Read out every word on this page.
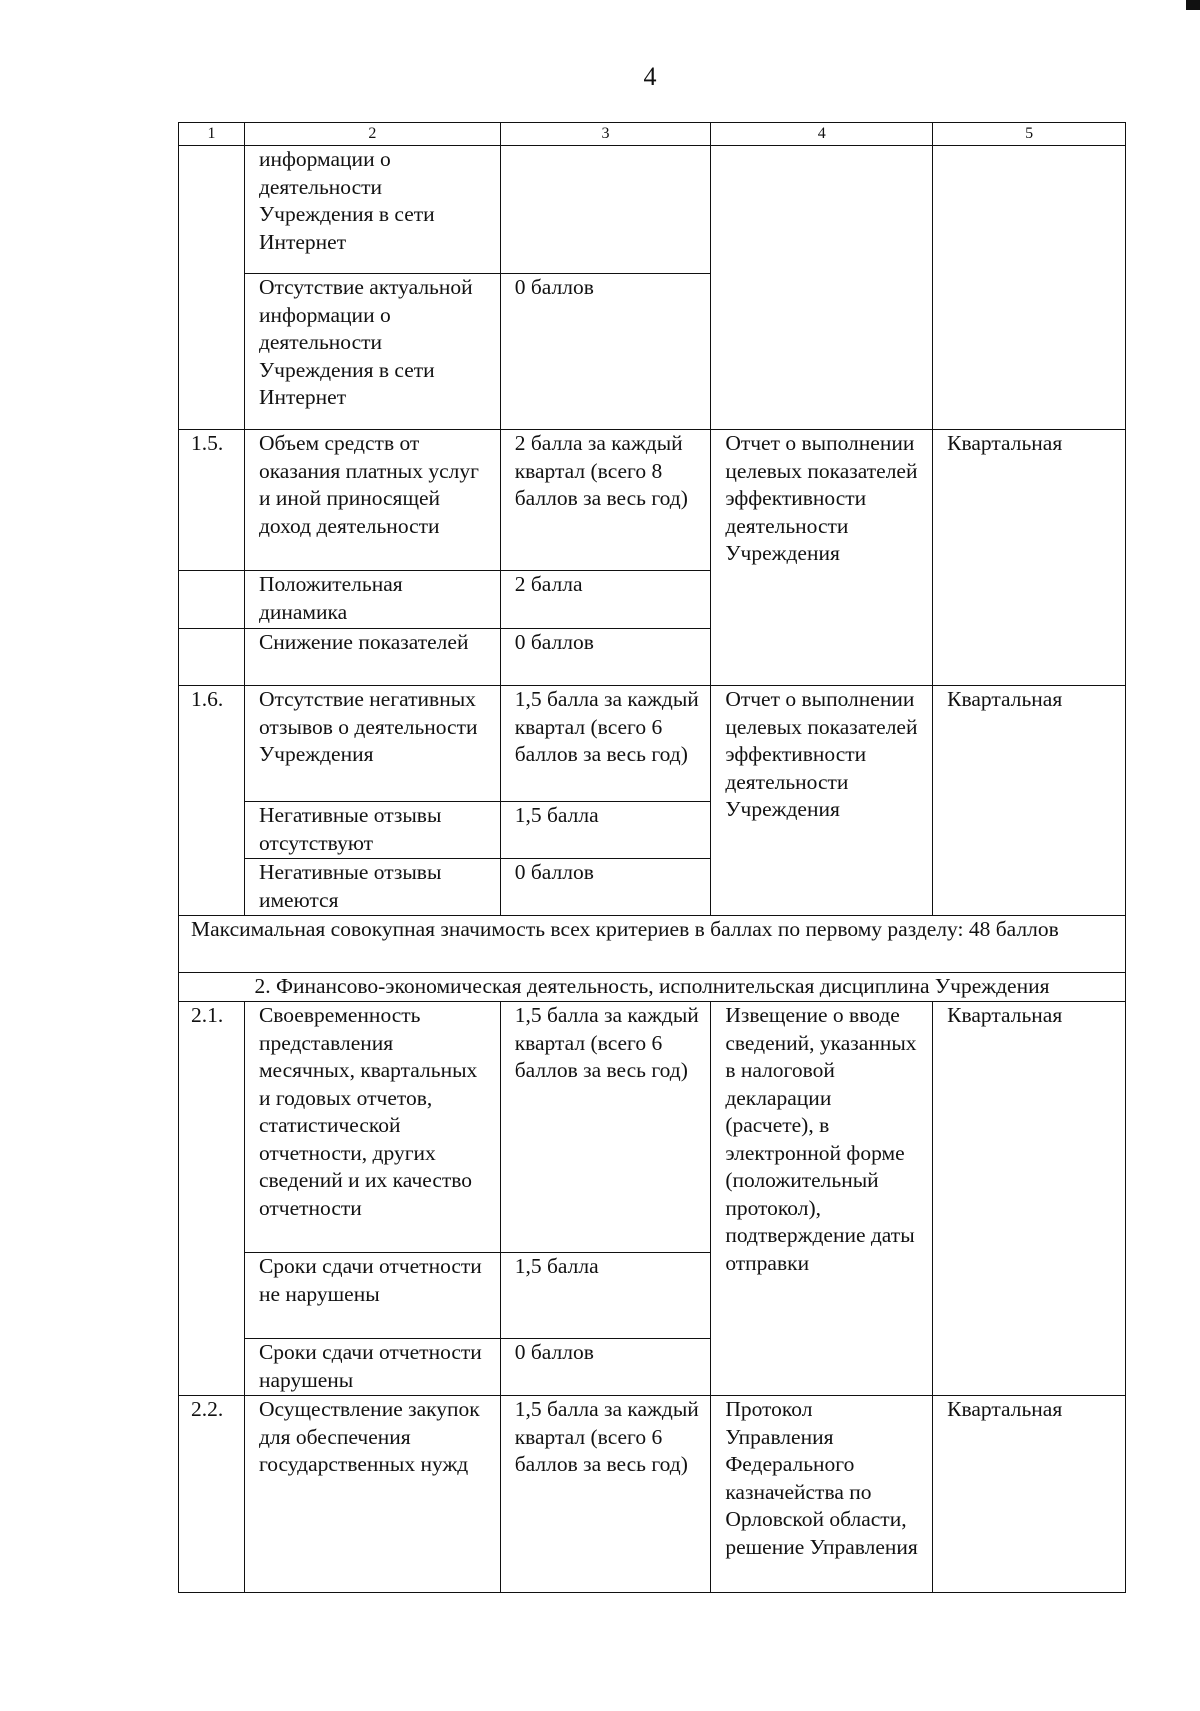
4
1	2	3	4	5
	информации о деятельности Учреждения в сети Интернет			
	Отсутствие актуальной информации о деятельности Учреждения в сети Интернет	0 баллов		
1.5.	Объем средств от оказания платных услуг и иной приносящей доход деятельности	2 балла за каждый квартал (всего 8 баллов за весь год)	Отчет о выполнении целевых показателей эффективности деятельности Учреждения	Квартальная
	Положительная динамика	2 балла		
	Снижение показателей	0 баллов		
1.6.	Отсутствие негативных отзывов о деятельности Учреждения	1,5 балла за каждый квартал (всего 6 баллов за весь год)	Отчет о выполнении целевых показателей эффективности деятельности Учреждения	Квартальная
	Негативные отзывы отсутствуют	1,5 балла		
	Негативные отзывы имеются	0 баллов		
Максимальная совокупная значимость всех критериев в баллах по первому разделу: 48 баллов				
2. Финансово-экономическая деятельность, исполнительская дисциплина Учреждения				
2.1.	Своевременность представления месячных, квартальных и годовых отчетов, статистической отчетности, других сведений и их качество отчетности	1,5 балла за каждый квартал (всего 6 баллов за весь год)	Извещение о вводе сведений, указанных в налоговой декларации (расчете), в электронной форме (положительный протокол), подтверждение даты отправки	Квартальная
	Сроки сдачи отчетности не нарушены	1,5 балла		
	Сроки сдачи отчетности нарушены	0 баллов		
2.2.	Осуществление закупок для обеспечения государственных нужд	1,5 балла за каждый квартал (всего 6 баллов за весь год)	Протокол Управления Федерального казначейства по Орловской области, решение Управления	Квартальная
